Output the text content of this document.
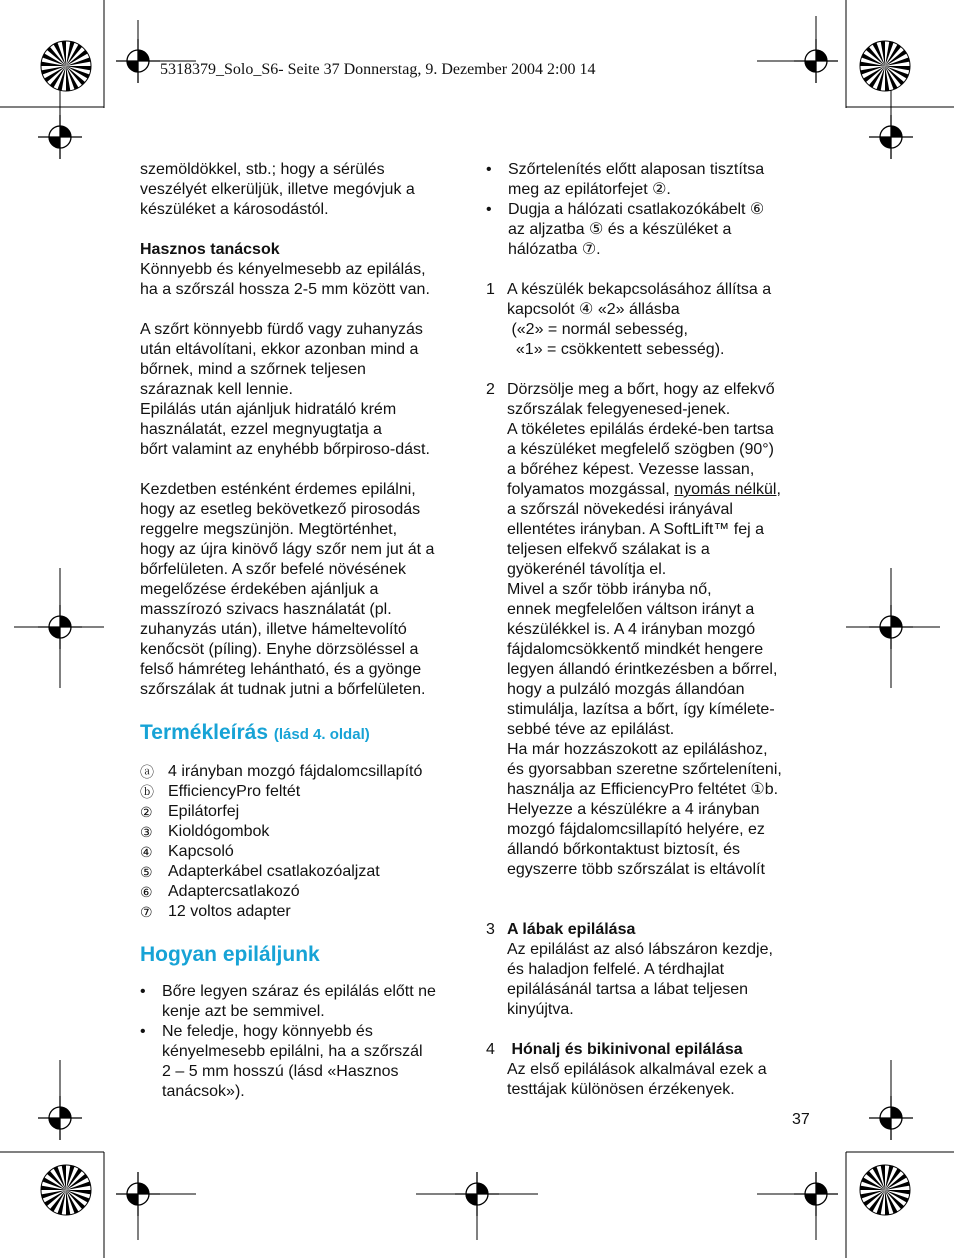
5318379_Solo_S6- Seite 37 Donnerstag, 9. Dezember 2004 2:00 14
szemöldökkel, stb.; hogy a sérülés
veszélyét elkerüljük, illetve megóvjuk a
készüléket a károsodástól.
Hasznos tanácsok
Könnyebb és kényelmesebb az epilálás,
ha a szőrszál hossza 2-5 mm között van.
A szőrt könnyebb fürdő vagy zuhanyzás
után eltávolítani, ekkor azonban mind a
bőrnek, mind a szőrnek teljesen
száraznak kell lennie.
Epilálás után ajánljuk hidratáló krém
használatát, ezzel megnyugtatja a
bőrt valamint az enyhébb bőrpiroso-dást.
Kezdetben esténként érdemes epilálni,
hogy az esetleg bekövetkező pirosodás
reggelre megszünjön. Megtörténhet,
hogy az újra kinövő lágy szőr nem jut át a
bőrfelületen. A szőr befelé növésének
megelőzése érdekében ajánljuk a
masszírozó szivacs használatát (pl.
zuhanyzás után), illetve hámeltevolító
kenőcsöt (píling). Enyhe dörzsöléssel a
felső hámréteg lehántható, és a gyönge
szőrszálak át tudnak jutni a bőrfelületen.
Termékleírás (lásd 4. oldal)
ⓐ 4 irányban mozgó fájdalomcsillapító
ⓑ EfficiencyPro feltét
② Epilátorfej
③ Kioldógombok
④ Kapcsoló
⑤ Adapterkábel csatlakozóaljzat
⑥ Adaptercsatlakozó
⑦ 12 voltos adapter
Hogyan epiláljunk
•	Bőre legyen száraz és epilálás előtt ne
kenje azt be semmivel.
•	Ne feledje, hogy könnyebb és
kényelmesebb epilálni, ha a szőrszál
2 – 5 mm hosszú (lásd «Hasznos
tanácsok»).
•	Szőrtelenítés előtt alaposan tisztítsa
meg az epilátorfejet ②.
•	Dugja a hálózati csatlakozókábelt ⑥
az aljzatba ⑤ és a készüléket a
hálózatba ⑦.
1 A készülék bekapcsolásához állítsa a
kapcsolót ④ «2» állásba
(«2» = normál sebesség,
«1» = csökkentett sebesség).
2 Dörzsölje meg a bőrt, hogy az elfekvő
szőrszálak felegyenesed-jenek.
A tökéletes epilálás érdeké-ben tartsa
a készüléket megfelelő szögben (90°)
a bőréhez képest. Vezesse lassan,
folyamatos mozgással, nyomás nélkül,
a szőrszál növekedési irányával
ellentétes irányban. A SoftLift™ fej a
teljesen elfekvő szálakat is a
gyökerénél távolítja el.
Mivel a szőr több irányba nő,
ennek megfelelően váltson irányt a
készülékkel is. A 4 irányban mozgó
fájdalomcsökkentő mindkét hengere
legyen állandó érintkezésben a bőrrel,
hogy a pulzáló mozgás állandóan
stimulálja, lazítsa a bőrt, így kímélete-
sebbé téve az epilálást.
Ha már hozzászokott az epiláláshoz,
és gyorsabban szeretne szőrteleníteni,
használja az EfficiencyPro feltétet ①b.
Helyezze a készülékre a 4 irányban
mozgó fájdalomcsillapító helyére, ez
állandó bőrkontaktust biztosít, és
egyszerre több szőrszálat is eltávolít
3 A lábak epilálása
Az epilálást az alsó lábszáron kezdje,
és haladjon felfelé. A térdhajlat
epilálásánál tartsa a lábat teljesen
kinyújtva.
4 Hónalj és bikinivonal epilálása
Az első epilálások alkalmával ezek a
testtájak különösen érzékenyek.
37
